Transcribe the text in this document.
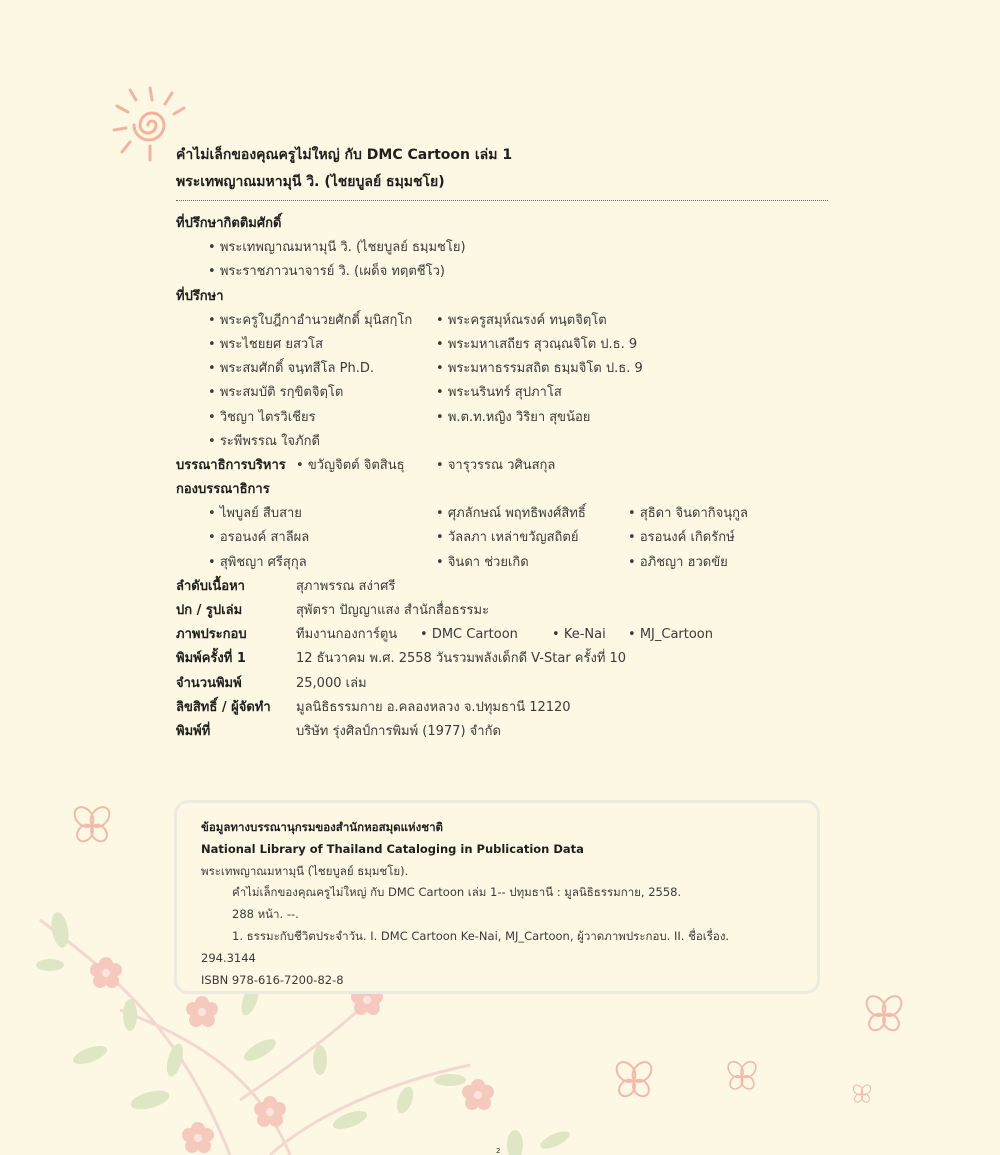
คำไม่เล็กของคุณครูไม่ใหญ่ กับ DMC Cartoon เล่ม 1
พระเทพญาณมหามุนี วิ. (ไชยบูลย์ ธมฺมชโย)
ที่ปรึกษากิตติมศักดิ์
• พระเทพญาณมหามุนี วิ. (ไชยบูลย์ ธมฺมชโย)
• พระราชภาวนาจารย์ วิ. (เผด็จ ทตฺตชีโว)
ที่ปรึกษา
• พระครูใบฎีกาอำนวยศักดิ์ มุนิสกฺโก	• พระครูสมุห์ณรงค์ ทนฺตจิตฺโต
• พระไชยยศ ยสวโส	• พระมหาเสถียร สุวณฺณจิโต ป.ธ. 9
• พระสมศักดิ์ จนฺทสีโล Ph.D.	• พระมหาธรรมสถิต ธมฺมจิโต ป.ธ. 9
• พระสมบัติ รกฺขิตจิตฺโต	• พระนรินทร์ สุปภาโส
• วิชญา ไตรวิเชียร	• พ.ต.ท.หญิง วิริยา สุขน้อย
• ระพีพรรณ ใจภักดี
บรรณาธิการบริหาร	• ขวัญจิตต์ จิตสินธุ	• จารุวรรณ วศินสกุล
กองบรรณาธิการ
• ไพบูลย์ สืบสาย	• ศุภลักษณ์ พฤทธิพงศ์สิทธิ์	• สุธิดา จินดากิจนุกูล
• อรอนงค์ สาลีผล	• วัลลภา เหล่าขวัญสถิตย์	• อรอนงค์ เกิดรักษ์
• สุพิชญา ศรีสุกุล	• จินดา ช่วยเกิด	• อภิชญา ฮวดขัย
ลำดับเนื้อหา	สุภาพรรณ สง่าศรี
ปก / รูปเล่ม	สุพัตรา ปัญญาแสง สำนักสื่อธรรมะ
ภาพประกอบ	ทีมงานกองการ์ตูน	• DMC Cartoon	• Ke-Nai	• MJ_Cartoon
พิมพ์ครั้งที่ 1	12 ธันวาคม พ.ศ. 2558 วันรวมพลังเด็กดี V-Star ครั้งที่ 10
จำนวนพิมพ์	25,000 เล่ม
ลิขสิทธิ์ / ผู้จัดทำ มูลนิธิธรรมกาย อ.คลองหลวง จ.ปทุมธานี 12120
พิมพ์ที่	บริษัท รุ่งศิลป์การพิมพ์ (1977) จำกัด
ข้อมูลทางบรรณานุกรมของสำนักหอสมุดแห่งชาติ
National Library of Thailand Cataloging in Publication Data
พระเทพญาณมหามุนี (ไชยบูลย์ ธมฺมชโย).
คำไม่เล็กของคุณครูไม่ใหญ่ กับ DMC Cartoon เล่ม 1-- ปทุมธานี : มูลนิธิธรรมกาย, 2558.
288 หน้า. --.
1. ธรรมะกับชีวิตประจำวัน. I. DMC Cartoon Ke-Nai, MJ_Cartoon, ผู้วาดภาพประกอบ. II. ชื่อเรื่อง.
294.3144
ISBN 978-616-7200-82-8
2
